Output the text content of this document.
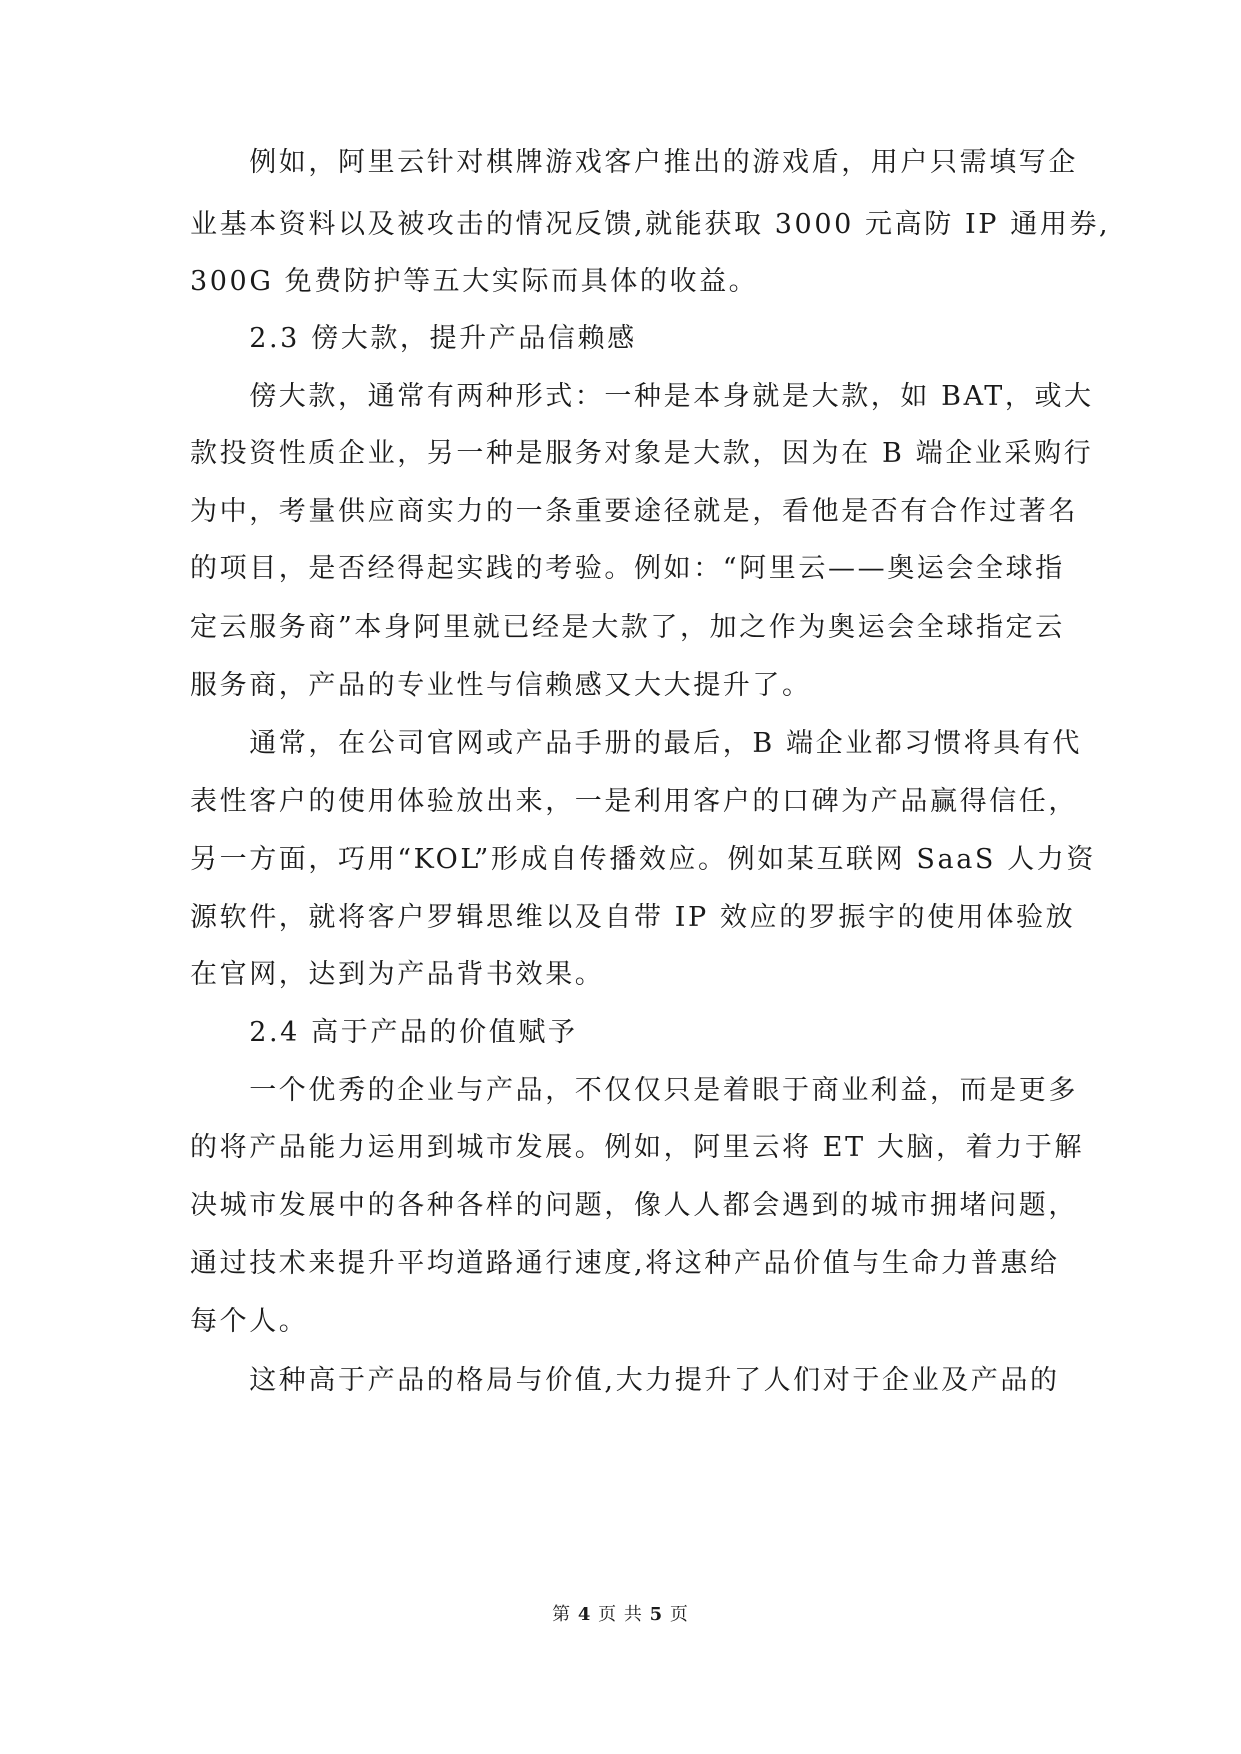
　　例如，阿里云针对棋牌游戏客户推出的游戏盾，用户只需填写企
业基本资料以及被攻击的情况反馈,就能获取 3000 元高防 IP 通用券,
300G 免费防护等五大实际而具体的收益。
　　2.3 傍大款，提升产品信赖感
　　傍大款，通常有两种形式：一种是本身就是大款，如 BAT，或大
款投资性质企业，另一种是服务对象是大款，因为在 B 端企业采购行
为中，考量供应商实力的一条重要途径就是，看他是否有合作过著名
的项目，是否经得起实践的考验。例如：“阿里云——奥运会全球指
定云服务商”本身阿里就已经是大款了，加之作为奥运会全球指定云
服务商，产品的专业性与信赖感又大大提升了。
　　通常，在公司官网或产品手册的最后，B 端企业都习惯将具有代
表性客户的使用体验放出来，一是利用客户的口碑为产品赢得信任，
另一方面，巧用“KOL”形成自传播效应。例如某互联网 SaaS 人力资
源软件，就将客户罗辑思维以及自带 IP 效应的罗振宇的使用体验放
在官网，达到为产品背书效果。
　　2.4 高于产品的价值赋予
　　一个优秀的企业与产品，不仅仅只是着眼于商业利益，而是更多
的将产品能力运用到城市发展。例如，阿里云将 ET 大脑，着力于解
决城市发展中的各种各样的问题，像人人都会遇到的城市拥堵问题，
通过技术来提升平均道路通行速度,将这种产品价值与生命力普惠给
每个人。
　　这种高于产品的格局与价值,大力提升了人们对于企业及产品的
第 4 页 共 5 页
